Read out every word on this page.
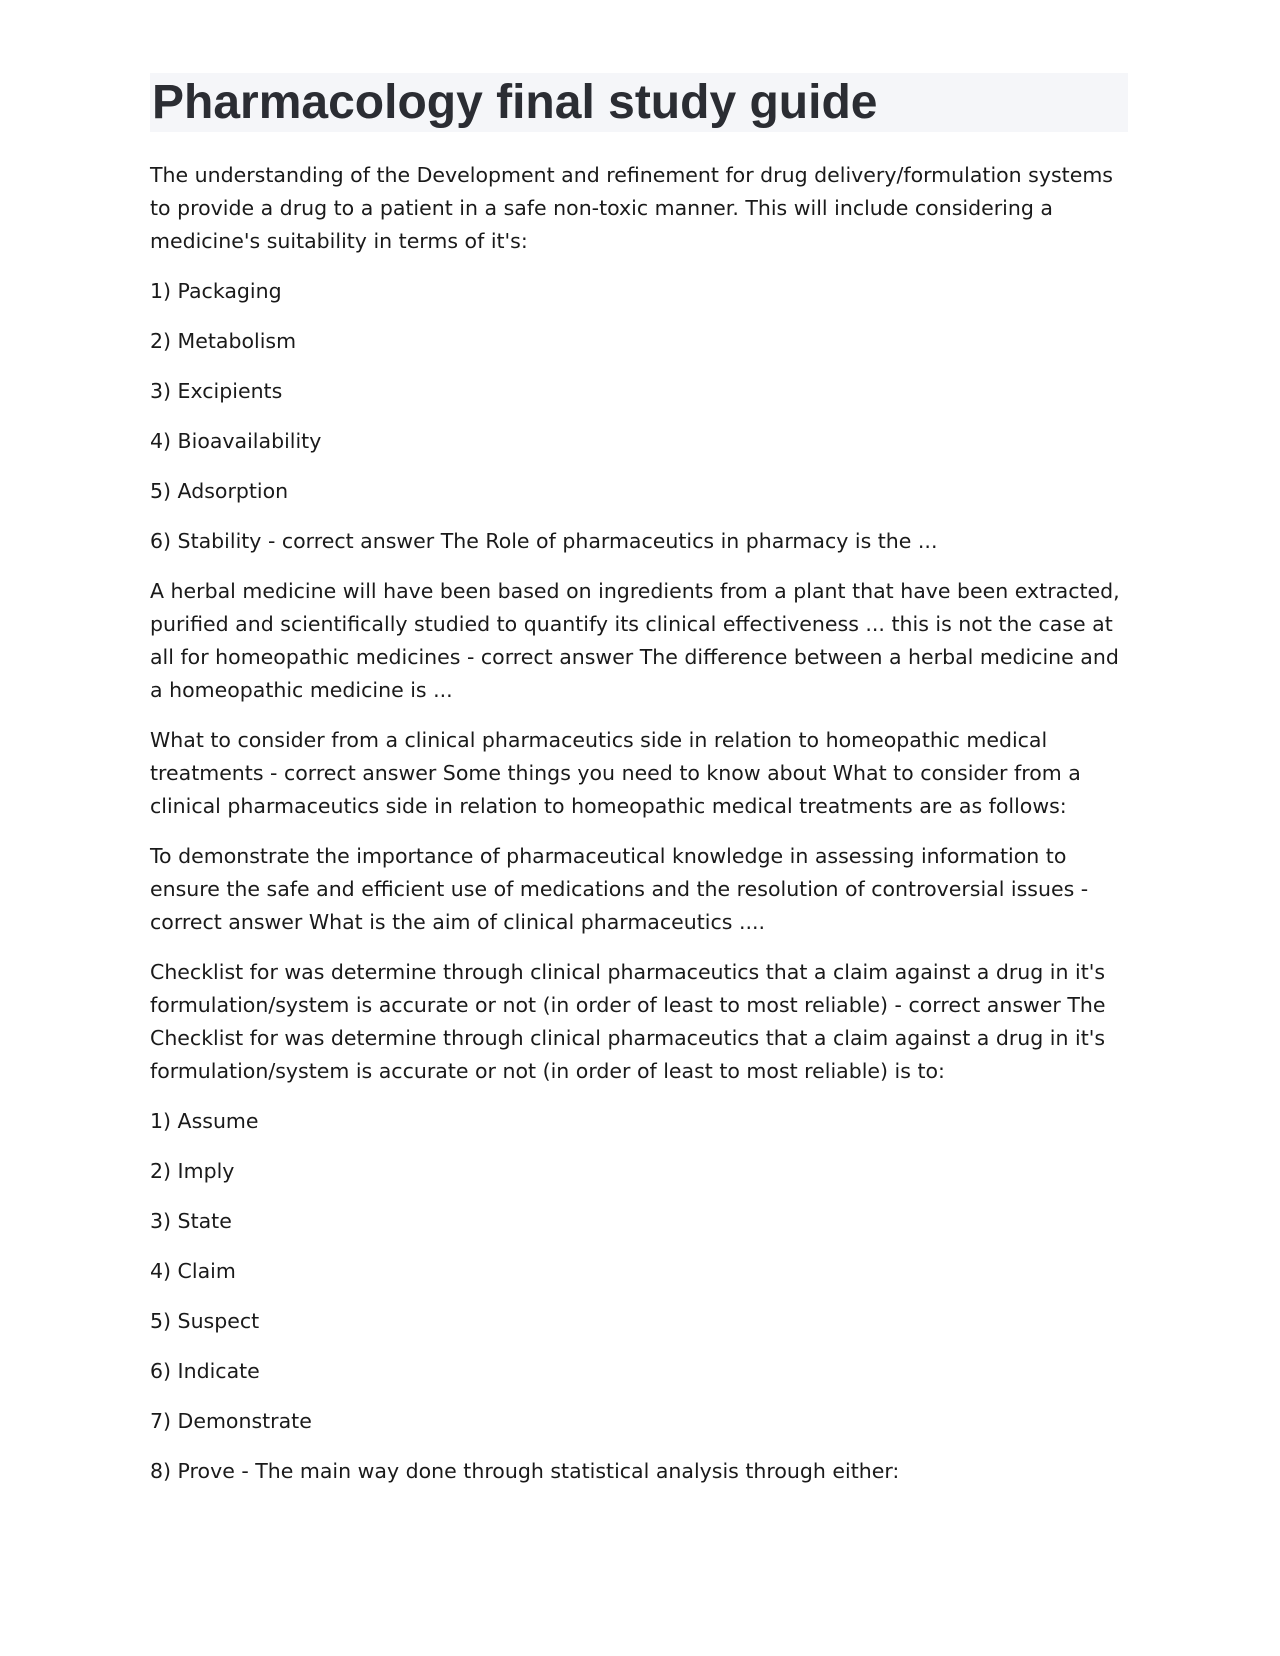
Pharmacology final study guide

The understanding of the Development and refinement for drug delivery/formulation systems to provide a drug to a patient in a safe non-toxic manner. This will include considering a medicine's suitability in terms of it's:

1) Packaging

2) Metabolism

3) Excipients

4) Bioavailability

5) Adsorption

6) Stability - correct answer The Role of pharmaceutics in pharmacy is the ...

A herbal medicine will have been based on ingredients from a plant that have been extracted, purified and scientifically studied to quantify its clinical effectiveness ... this is not the case at all for homeopathic medicines - correct answer The difference between a herbal medicine and a homeopathic medicine is ...

What to consider from a clinical pharmaceutics side in relation to homeopathic medical treatments - correct answer Some things you need to know about What to consider from a clinical pharmaceutics side in relation to homeopathic medical treatments are as follows:

To demonstrate the importance of pharmaceutical knowledge in assessing information to ensure the safe and efficient use of medications and the resolution of controversial issues - correct answer What is the aim of clinical pharmaceutics ....

Checklist for was determine through clinical pharmaceutics that a claim against a drug in it's formulation/system is accurate or not (in order of least to most reliable) - correct answer The Checklist for was determine through clinical pharmaceutics that a claim against a drug in it's formulation/system is accurate or not (in order of least to most reliable) is to:

1) Assume

2) Imply

3) State

4) Claim

5) Suspect

6) Indicate

7) Demonstrate

8) Prove - The main way done through statistical analysis through either:
